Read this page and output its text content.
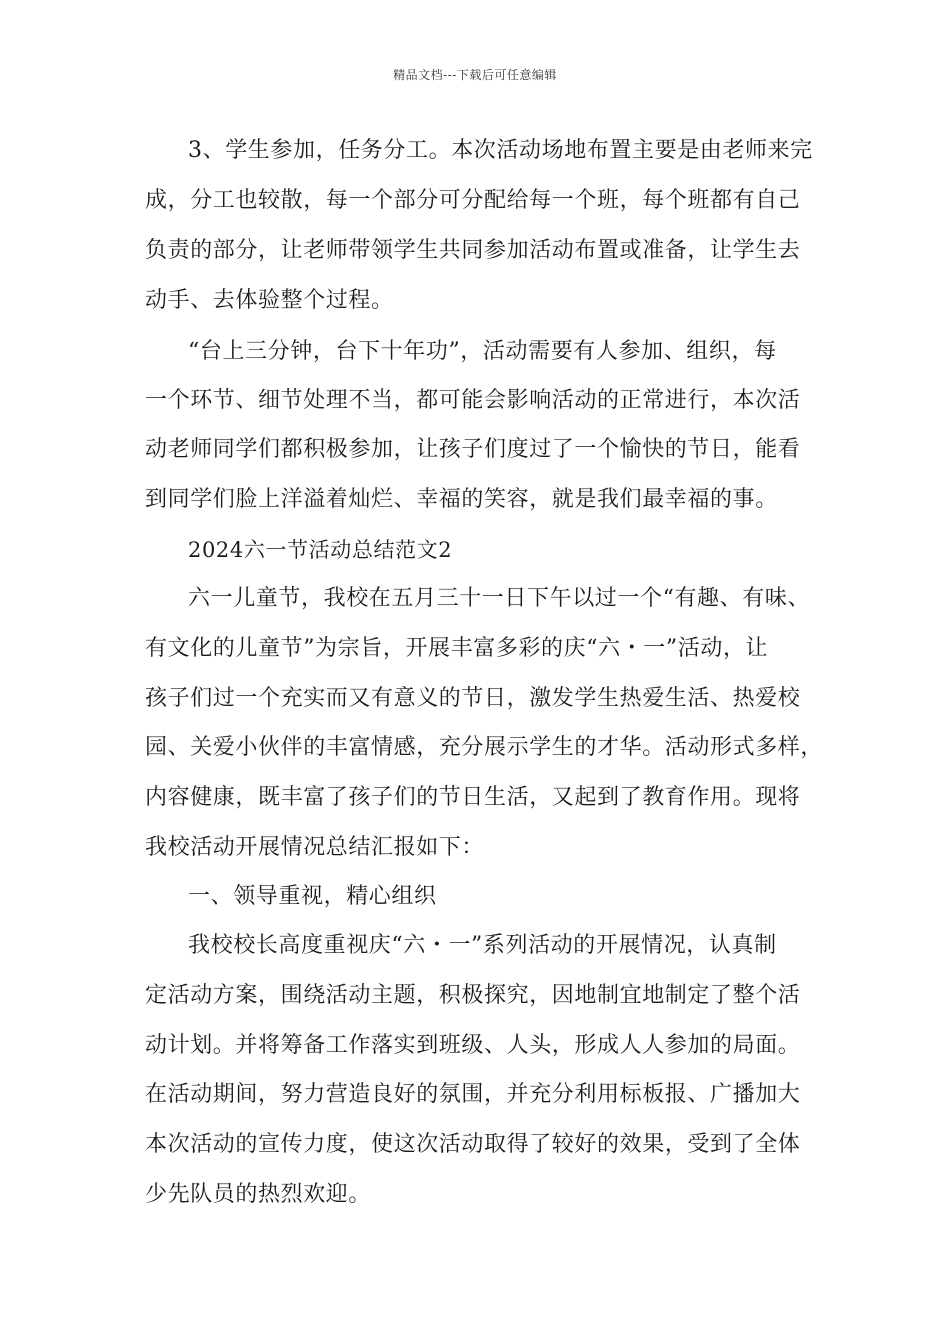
精品文档---下载后可任意编辑
3、学生参加，任务分工。本次活动场地布置主要是由老师来完
成，分工也较散，每一个部分可分配给每一个班，每个班都有自己
负责的部分，让老师带领学生共同参加活动布置或准备，让学生去
动手、去体验整个过程。
“台上三分钟，台下十年功”，活动需要有人参加、组织，每
一个环节、细节处理不当，都可能会影响活动的正常进行，本次活
动老师同学们都积极参加，让孩子们度过了一个愉快的节日，能看
到同学们脸上洋溢着灿烂、幸福的笑容，就是我们最幸福的事。
2024六一节活动总结范文2
六一儿童节，我校在五月三十一日下午以过一个“有趣、有味、
有文化的儿童节”为宗旨，开展丰富多彩的庆“六・一”活动，让
孩子们过一个充实而又有意义的节日，激发学生热爱生活、热爱校
园、关爱小伙伴的丰富情感，充分展示学生的才华。活动形式多样，
内容健康，既丰富了孩子们的节日生活，又起到了教育作用。现将
我校活动开展情况总结汇报如下：
一、领导重视，精心组织
我校校长高度重视庆“六・一”系列活动的开展情况，认真制
定活动方案，围绕活动主题，积极探究，因地制宜地制定了整个活
动计划。并将筹备工作落实到班级、人头，形成人人参加的局面。
在活动期间，努力营造良好的氛围，并充分利用标板报、广播加大
本次活动的宣传力度，使这次活动取得了较好的效果，受到了全体
少先队员的热烈欢迎。
